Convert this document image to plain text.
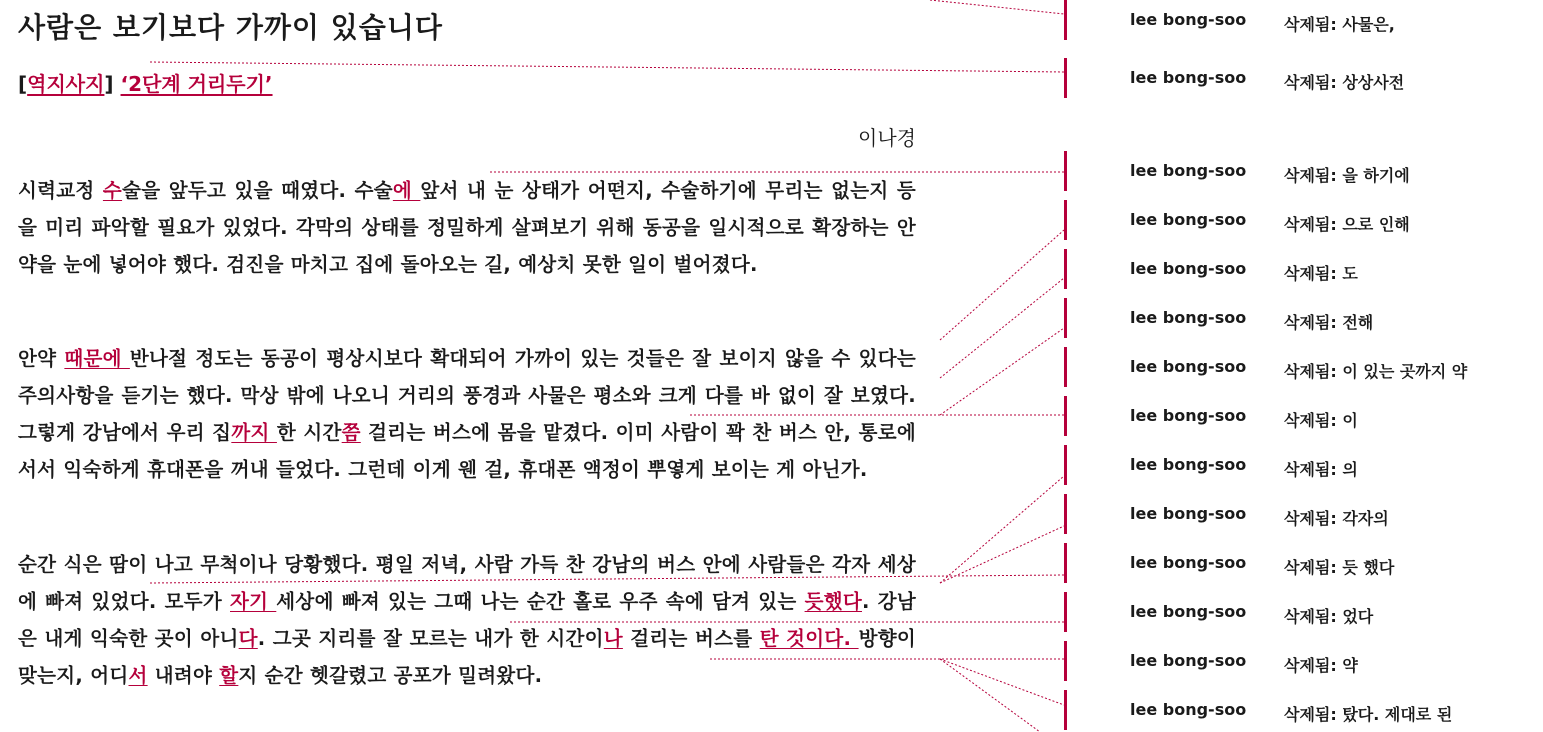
사람은 보기보다 가까이 있습니다
[역지사지] ‘2단계 거리두기’
이나경
시력교정 수술을 앞두고 있을 때였다. 수술에 앞서 내 눈 상태가 어떤지, 수술하기에 무리는 없는지 등을 미리 파악할 필요가 있었다. 각막의 상태를 정밀하게 살펴보기 위해 동공을 일시적으로 확장하는 안약을 눈에 넣어야 했다. 검진을 마치고 집에 돌아오는 길, 예상치 못한 일이 벌어졌다.
안약 때문에 반나절 정도는 동공이 평상시보다 확대되어 가까이 있는 것들은 잘 보이지 않을 수 있다는 주의사항을 듣기는 했다. 막상 밖에 나오니 거리의 풍경과 사물은 평소와 크게 다를 바 없이 잘 보였다. 그렇게 강남에서 우리 집까지 한 시간쯤 걸리는 버스에 몸을 맡겼다. 이미 사람이 꽉 찬 버스 안, 통로에 서서 익숙하게 휴대폰을 꺼내 들었다. 그런데 이게 웬 걸, 휴대폰 액정이 뿌옇게 보이는 게 아닌가.
순간 식은 땀이 나고 무척이나 당황했다. 평일 저녁, 사람 가득 찬 강남의 버스 안에 사람들은 각자 세상에 빠져 있었다. 모두가 자기 세상에 빠져 있는 그때 나는 순간 홀로 우주 속에 담겨 있는 듯했다. 강남은 내게 익숙한 곳이 아니다. 그곳 지리를 잘 모르는 내가 한 시간이나 걸리는 버스를 탄 것이다. 방향이 맞는지, 어디서 내려야 할지 순간 헷갈렸고 공포가 밀려왔다.
lee bong-soo 삭제됨: 사물은,
lee bong-soo 삭제됨: 상상사전
lee bong-soo 삭제됨: 을 하기에
lee bong-soo 삭제됨: 으로 인해
lee bong-soo 삭제됨: 도
lee bong-soo 삭제됨: 전해
lee bong-soo 삭제됨: 이 있는 곳까지 약
lee bong-soo 삭제됨: 이
lee bong-soo 삭제됨: 의
lee bong-soo 삭제됨: 각자의
lee bong-soo 삭제됨: 듯 했다
lee bong-soo 삭제됨: 었다
lee bong-soo 삭제됨: 약
lee bong-soo 삭제됨: 탔다. 제대로 된
